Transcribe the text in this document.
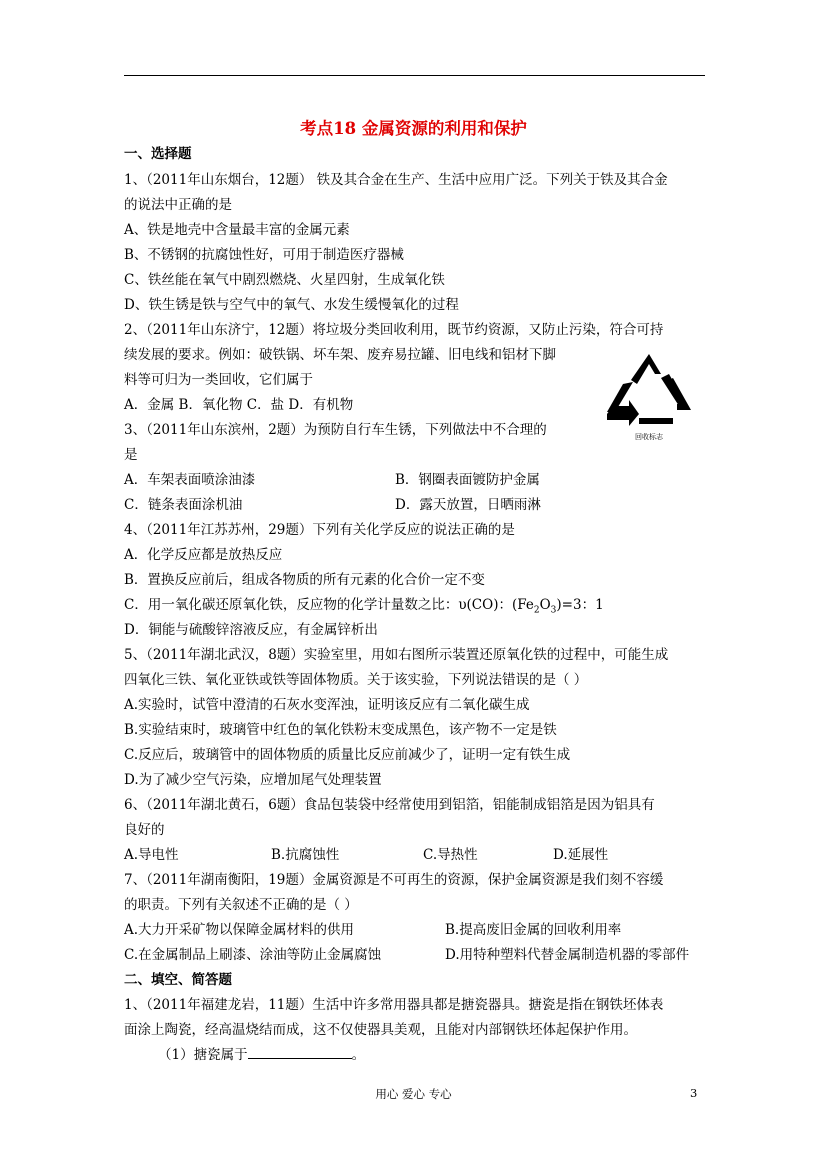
考点18 金属资源的利用和保护
一、选择题
1、（2011年山东烟台，12题） 铁及其合金在生产、生活中应用广泛。下列关于铁及其合金
的说法中正确的是
A、铁是地壳中含量最丰富的金属元素
B、不锈钢的抗腐蚀性好，可用于制造医疗器械
C、铁丝能在氧气中剧烈燃烧、火星四射，生成氧化铁
D、铁生锈是铁与空气中的氧气、水发生缓慢氧化的过程
2、（2011年山东济宁，12题）将垃圾分类回收利用，既节约资源，又防止污染，符合可持
续发展的要求。例如：破铁锅、坏车架、废弃易拉罐、旧电线和铝材下脚
料等可归为一类回收，它们属于
A．金属 B．氧化物 C．盐 D．有机物
回收标志
3、（2011年山东滨州，2题）为预防自行车生锈，下列做法中不合理的
是
A．车架表面喷涂油漆	B．钢圈表面镀防护金属
C．链条表面涂机油	D．露天放置，日晒雨淋
4、（2011年江苏苏州，29题）下列有关化学反应的说法正确的是
A．化学反应都是放热反应
B．置换反应前后，组成各物质的所有元素的化合价一定不变
C．用一氧化碳还原氧化铁，反应物的化学计量数之比：υ(CO)：$(Fe_2O_3)=3$：1
D．铜能与硫酸锌溶液反应，有金属锌析出
5、（2011年湖北武汉，8题）实验室里，用如右图所示装置还原氧化铁的过程中，可能生成
四氧化三铁、氧化亚铁或铁等固体物质。关于该实验，下列说法错误的是（ ）
A.实验时，试管中澄清的石灰水变浑浊，证明该反应有二氧化碳生成
B.实验结束时，玻璃管中红色的氧化铁粉末变成黑色，该产物不一定是铁
C.反应后，玻璃管中的固体物质的质量比反应前减少了，证明一定有铁生成
D.为了减少空气污染，应增加尾气处理装置
6、（2011年湖北黄石，6题）食品包装袋中经常使用到铝箔，铝能制成铝箔是因为铝具有
良好的
A.导电性	B.抗腐蚀性	C.导热性	D.延展性
7、（2011年湖南衡阳，19题）金属资源是不可再生的资源，保护金属资源是我们刻不容缓
的职责。下列有关叙述不正确的是（ ）
A.大力开采矿物以保障金属材料的供用	B.提高废旧金属的回收利用率
C.在金属制品上刷漆、涂油等防止金属腐蚀	D.用特种塑料代替金属制造机器的零部件
二、填空、简答题
1、（2011年福建龙岩，11题）生活中许多常用器具都是搪瓷器具。搪瓷是指在钢铁坯体表
面涂上陶瓷，经高温烧结而成，这不仅使器具美观，且能对内部钢铁坯体起保护作用。
（1）搪瓷属于	。
用心 爱心 专心	3
